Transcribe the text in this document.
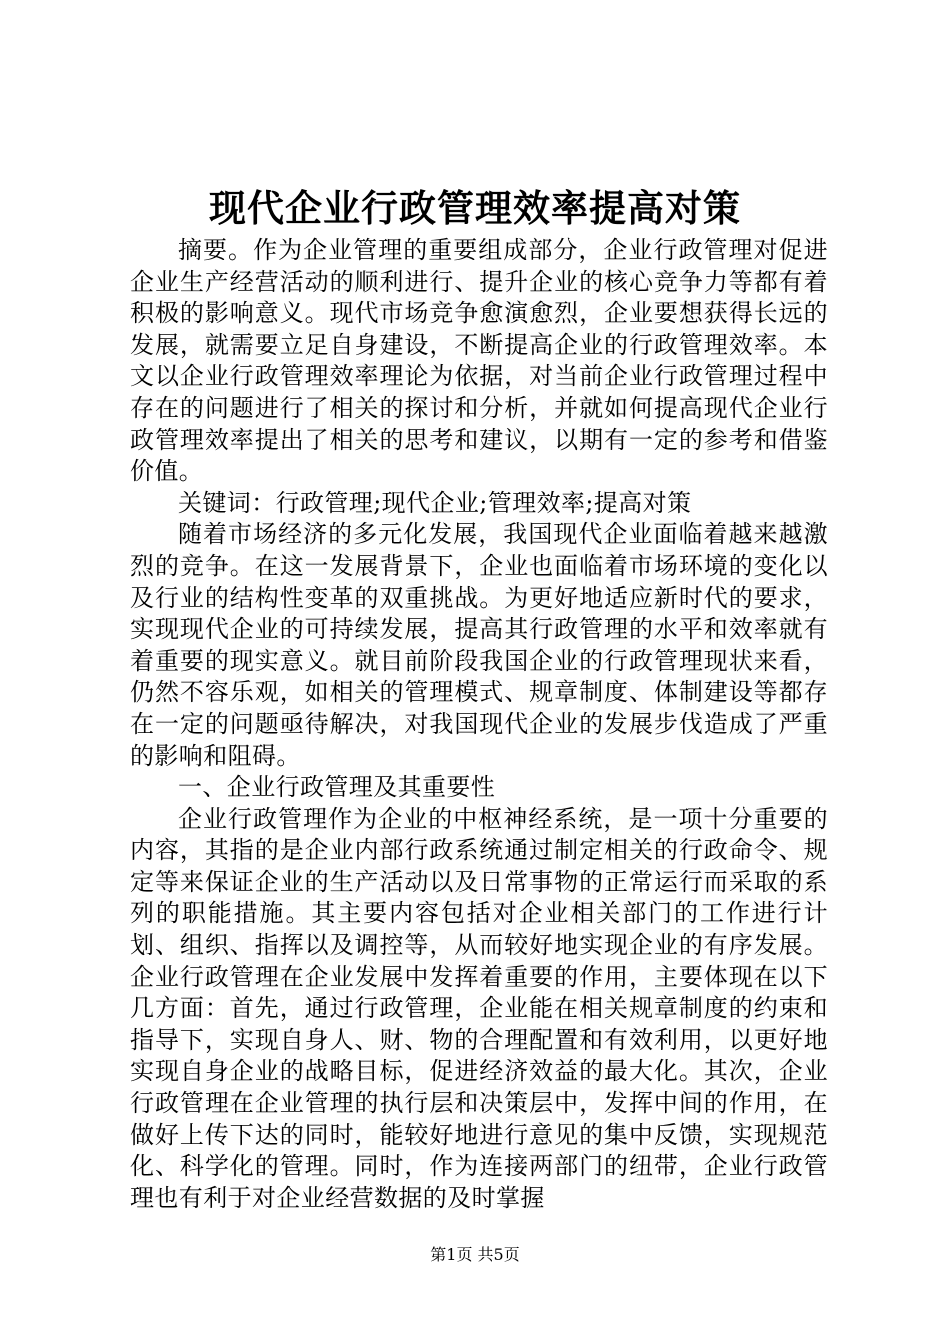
现代企业行政管理效率提高对策

摘要。作为企业管理的重要组成部分，企业行政管理对促进企业生产经营活动的顺利进行、提升企业的核心竞争力等都有着积极的影响意义。现代市场竞争愈演愈烈，企业要想获得长远的发展，就需要立足自身建设，不断提高企业的行政管理效率。本文以企业行政管理效率理论为依据，对当前企业行政管理过程中存在的问题进行了相关的探讨和分析，并就如何提高现代企业行政管理效率提出了相关的思考和建议，以期有一定的参考和借鉴价值。

关键词：行政管理;现代企业;管理效率;提高对策

随着市场经济的多元化发展，我国现代企业面临着越来越激烈的竞争。在这一发展背景下，企业也面临着市场环境的变化以及行业的结构性变革的双重挑战。为更好地适应新时代的要求，实现现代企业的可持续发展，提高其行政管理的水平和效率就有着重要的现实意义。就目前阶段我国企业的行政管理现状来看，仍然不容乐观，如相关的管理模式、规章制度、体制建设等都存在一定的问题亟待解决，对我国现代企业的发展步伐造成了严重的影响和阻碍。

一、企业行政管理及其重要性

企业行政管理作为企业的中枢神经系统，是一项十分重要的内容，其指的是企业内部行政系统通过制定相关的行政命令、规定等来保证企业的生产活动以及日常事物的正常运行而采取的系列的职能措施。其主要内容包括对企业相关部门的工作进行计划、组织、指挥以及调控等，从而较好地实现企业的有序发展。企业行政管理在企业发展中发挥着重要的作用，主要体现在以下几方面：首先，通过行政管理，企业能在相关规章制度的约束和指导下，实现自身人、财、物的合理配置和有效利用，以更好地实现自身企业的战略目标，促进经济效益的最大化。其次，企业行政管理在企业管理的执行层和决策层中，发挥中间的作用，在做好上传下达的同时，能较好地进行意见的集中反馈，实现规范化、科学化的管理。同时，作为连接两部门的纽带，企业行政管理也有利于对企业经营数据的及时掌握

第1页 共5页
